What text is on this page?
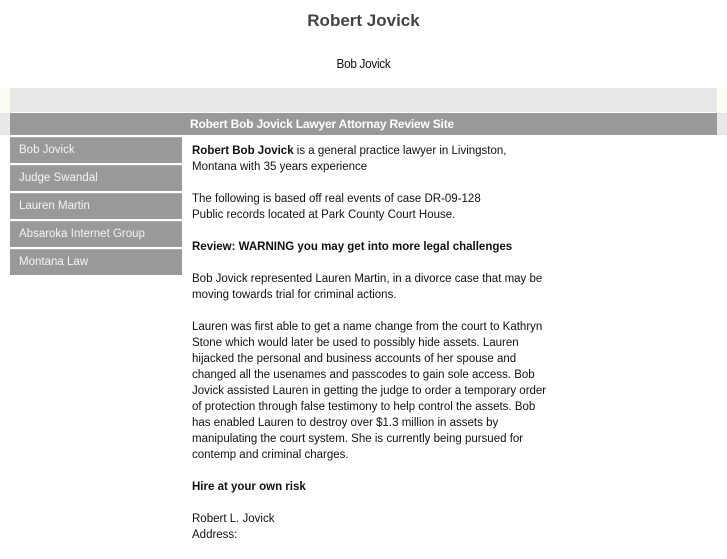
Robert Jovick
Bob Jovick
Robert Bob Jovick Lawyer Attornay Review Site
Bob Jovick
Judge Swandal
Lauren Martin
Absaroka Internet Group
Montana Law

Robert Bob Jovick is a general practice lawyer in Livingston, Montana with 35 years experience

The following is based off real events of case DR-09-128
Public records located at Park County Court House.

Review: WARNING you may get into more legal challenges

Bob Jovick represented Lauren Martin, in a divorce case that may be moving towards trial for criminal actions.

Lauren was first able to get a name change from the court to Kathryn Stone which would later be used to possibly hide assets. Lauren hijacked the personal and business accounts of her spouse and changed all the usenames and passcodes to gain sole access. Bob Jovick assisted Lauren in getting the judge to order a temporary order of protection through false testimony to help control the assets. Bob has enabled Lauren to destroy over $1.3 million in assets by manipulating the court system. She is currently being pursued for contemp and criminal charges.

Hire at your own risk

Robert L. Jovick
Address:
